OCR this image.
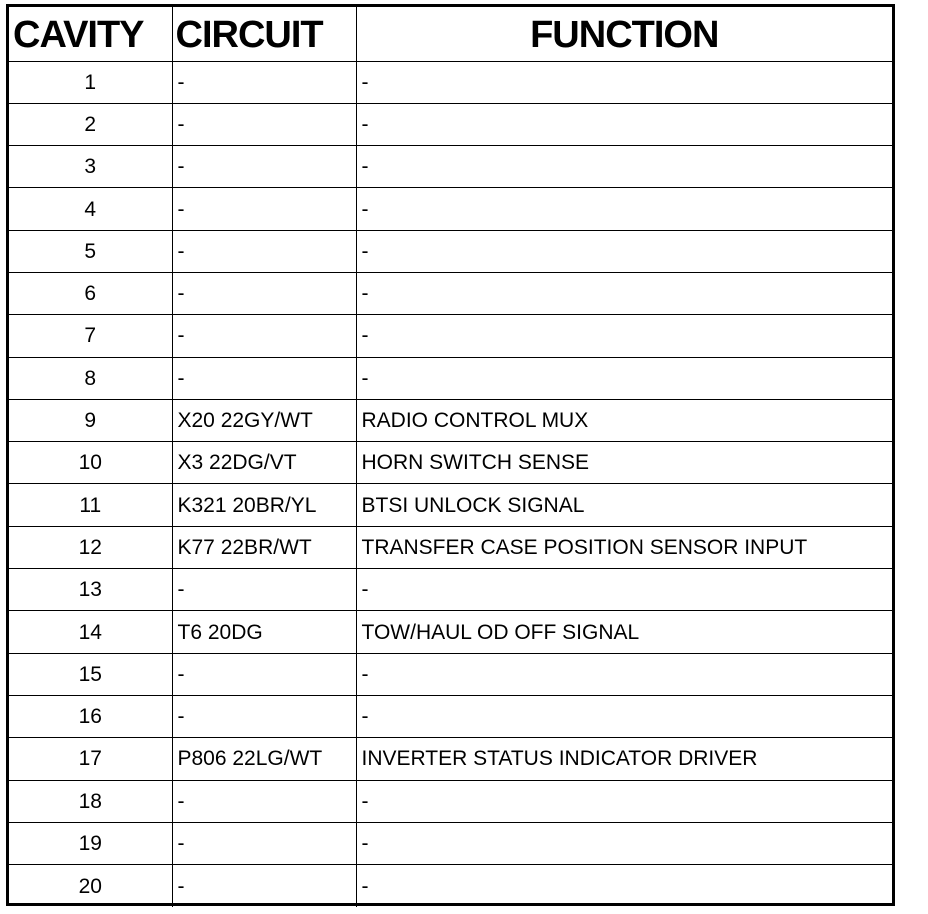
CAVITY	CIRCUIT	FUNCTION
1	-	-
2	-	-
3	-	-
4	-	-
5	-	-
6	-	-
7	-	-
8	-	-
9	X20 22GY/WT	RADIO CONTROL MUX
10	X3 22DG/VT	HORN SWITCH SENSE
11	K321 20BR/YL	BTSI UNLOCK SIGNAL
12	K77 22BR/WT	TRANSFER CASE POSITION SENSOR INPUT
13	-	-
14	T6 20DG	TOW/HAUL OD OFF SIGNAL
15	-	-
16	-	-
17	P806 22LG/WT	INVERTER STATUS INDICATOR DRIVER
18	-	-
19	-	-
20	-	-
